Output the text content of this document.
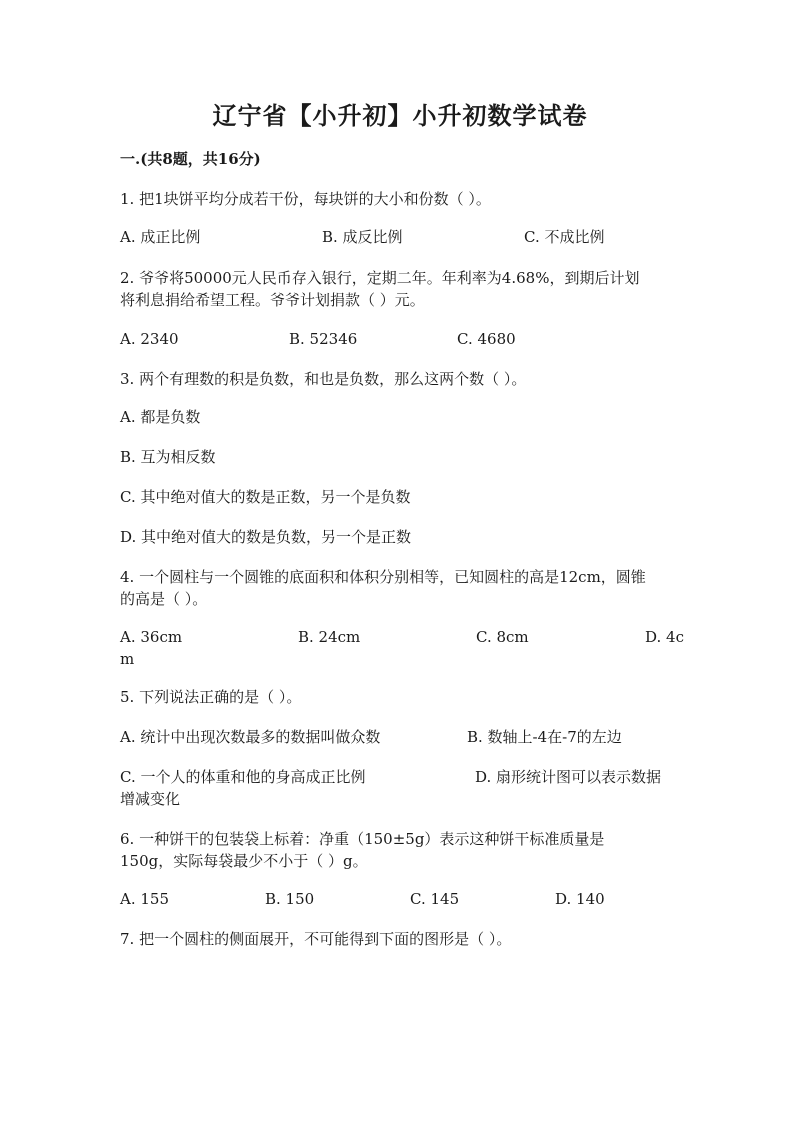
辽宁省【小升初】小升初数学试卷
一.(共8题，共16分)
1. 把1块饼平均分成若干份，每块饼的大小和份数（ ）。
A. 成正比例	B. 成反比例	C. 不成比例
2. 爷爷将50000元人民币存入银行，定期二年。年利率为4.68%，到期后计划
将利息捐给希望工程。爷爷计划捐款（ ）元。
A. 2340	B. 52346	C. 4680
3. 两个有理数的积是负数，和也是负数，那么这两个数（ ）。
A. 都是负数
B. 互为相反数
C. 其中绝对值大的数是正数，另一个是负数
D. 其中绝对值大的数是负数，另一个是正数
4. 一个圆柱与一个圆锥的底面积和体积分别相等，已知圆柱的高是12cm，圆锥
的高是（ ）。
A. 36cm	B. 24cm	C. 8cm	D. 4c
m
5. 下列说法正确的是（ ）。
A. 统计中出现次数最多的数据叫做众数	B. 数轴上-4在-7的左边
C. 一个人的体重和他的身高成正比例	D. 扇形统计图可以表示数据
增减变化
6. 一种饼干的包装袋上标着：净重（150±5g）表示这种饼干标准质量是
150g，实际每袋最少不小于（ ）g。
A. 155	B. 150	C. 145	D. 140
7. 把一个圆柱的侧面展开，不可能得到下面的图形是（ ）。
